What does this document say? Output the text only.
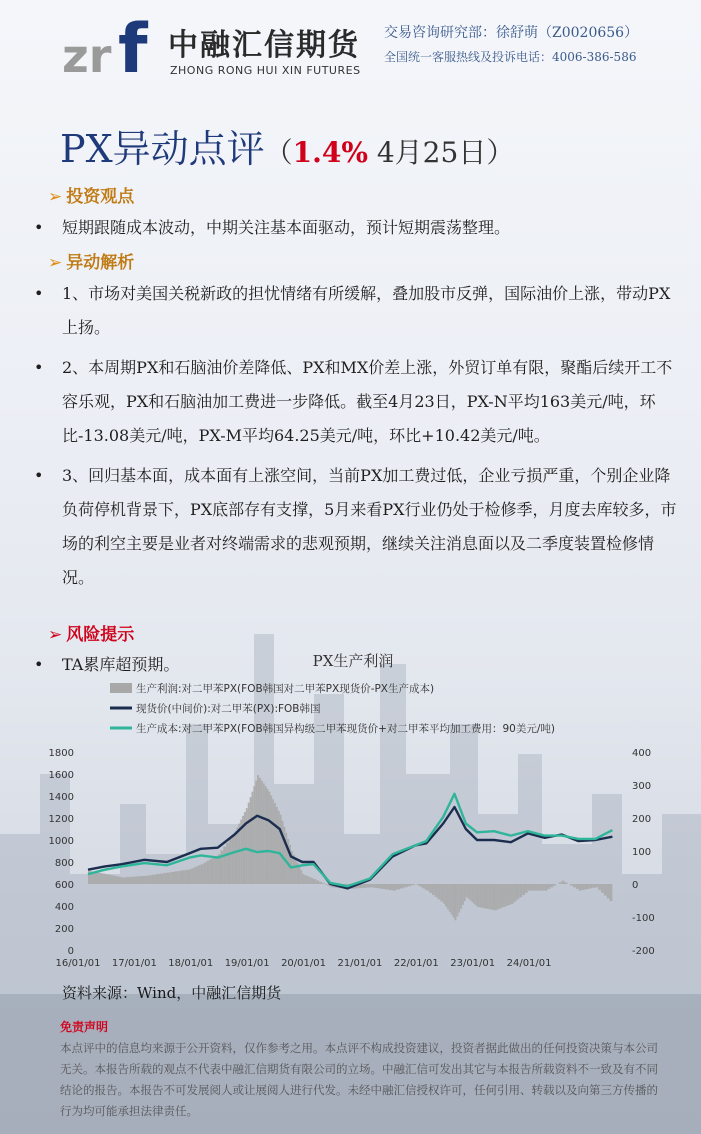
zr f 中融汇信期货
ZHONG RONG HUI XIN FUTURES
交易咨询研究部：徐舒萌（Z0020656）
全国统一客服热线及投诉电话：4006-386-586
PX异动点评（1.4% 4月25日）
➢ 投资观点

• 短期跟随成本波动，中期关注基本面驱动，预计短期震荡整理。

➢ 异动解析

• 1、市场对美国关税新政的担忧情绪有所缓解，叠加股市反弹，国际油价上涨，带动PX上扬。

• 2、本周期PX和石脑油价差降低、PX和MX价差上涨，外贸订单有限，聚酯后续开工不容乐观，PX和石脑油加工费进一步降低。截至4月23日，PX-N平均163美元/吨，环比-13.08美元/吨，PX-M平均64.25美元/吨，环比+10.42美元/吨。

• 3、回归基本面，成本面有上涨空间，当前PX加工费过低，企业亏损严重，个别企业降负荷停机背景下，PX底部存有支撑，5月来看PX行业仍处于检修季，月度去库较多，市场的利空主要是业者对终端需求的悲观预期，继续关注消息面以及二季度装置检修情况。

➢ 风险提示

• TA累库超预期。	PX生产利润
生产利润:对二甲苯PX(FOB韩国对二甲苯PX现货价-PX生产成本)
现货价(中间价):对二甲苯(PX):FOB韩国
生产成本:对二甲苯PX(FOB韩国异构级二甲苯现货价+对二甲苯平均加工费用：90美元/吨)
0
200
400
600
800
1000
1200
1400
1600
1800
-200
-100
0
100
200
300
400
16/01/01 17/01/01 18/01/01 19/01/01 20/01/01 21/01/01 22/01/01 23/01/01 24/01/01
资料来源：Wind，中融汇信期货
免责声明
本点评中的信息均来源于公开资料，仅作参考之用。本点评不构成投资建议，投资者据此做出的任何投资决策与本公司无关。本报告所载的观点不代表中融汇信期货有限公司的立场。中融汇信可发出其它与本报告所载资料不一致及有不同结论的报告。本报告不可发展阅人或让展阅人进行代发。未经中融汇信授权许可，任何引用、转载以及向第三方传播的行为均可能承担法律责任。
